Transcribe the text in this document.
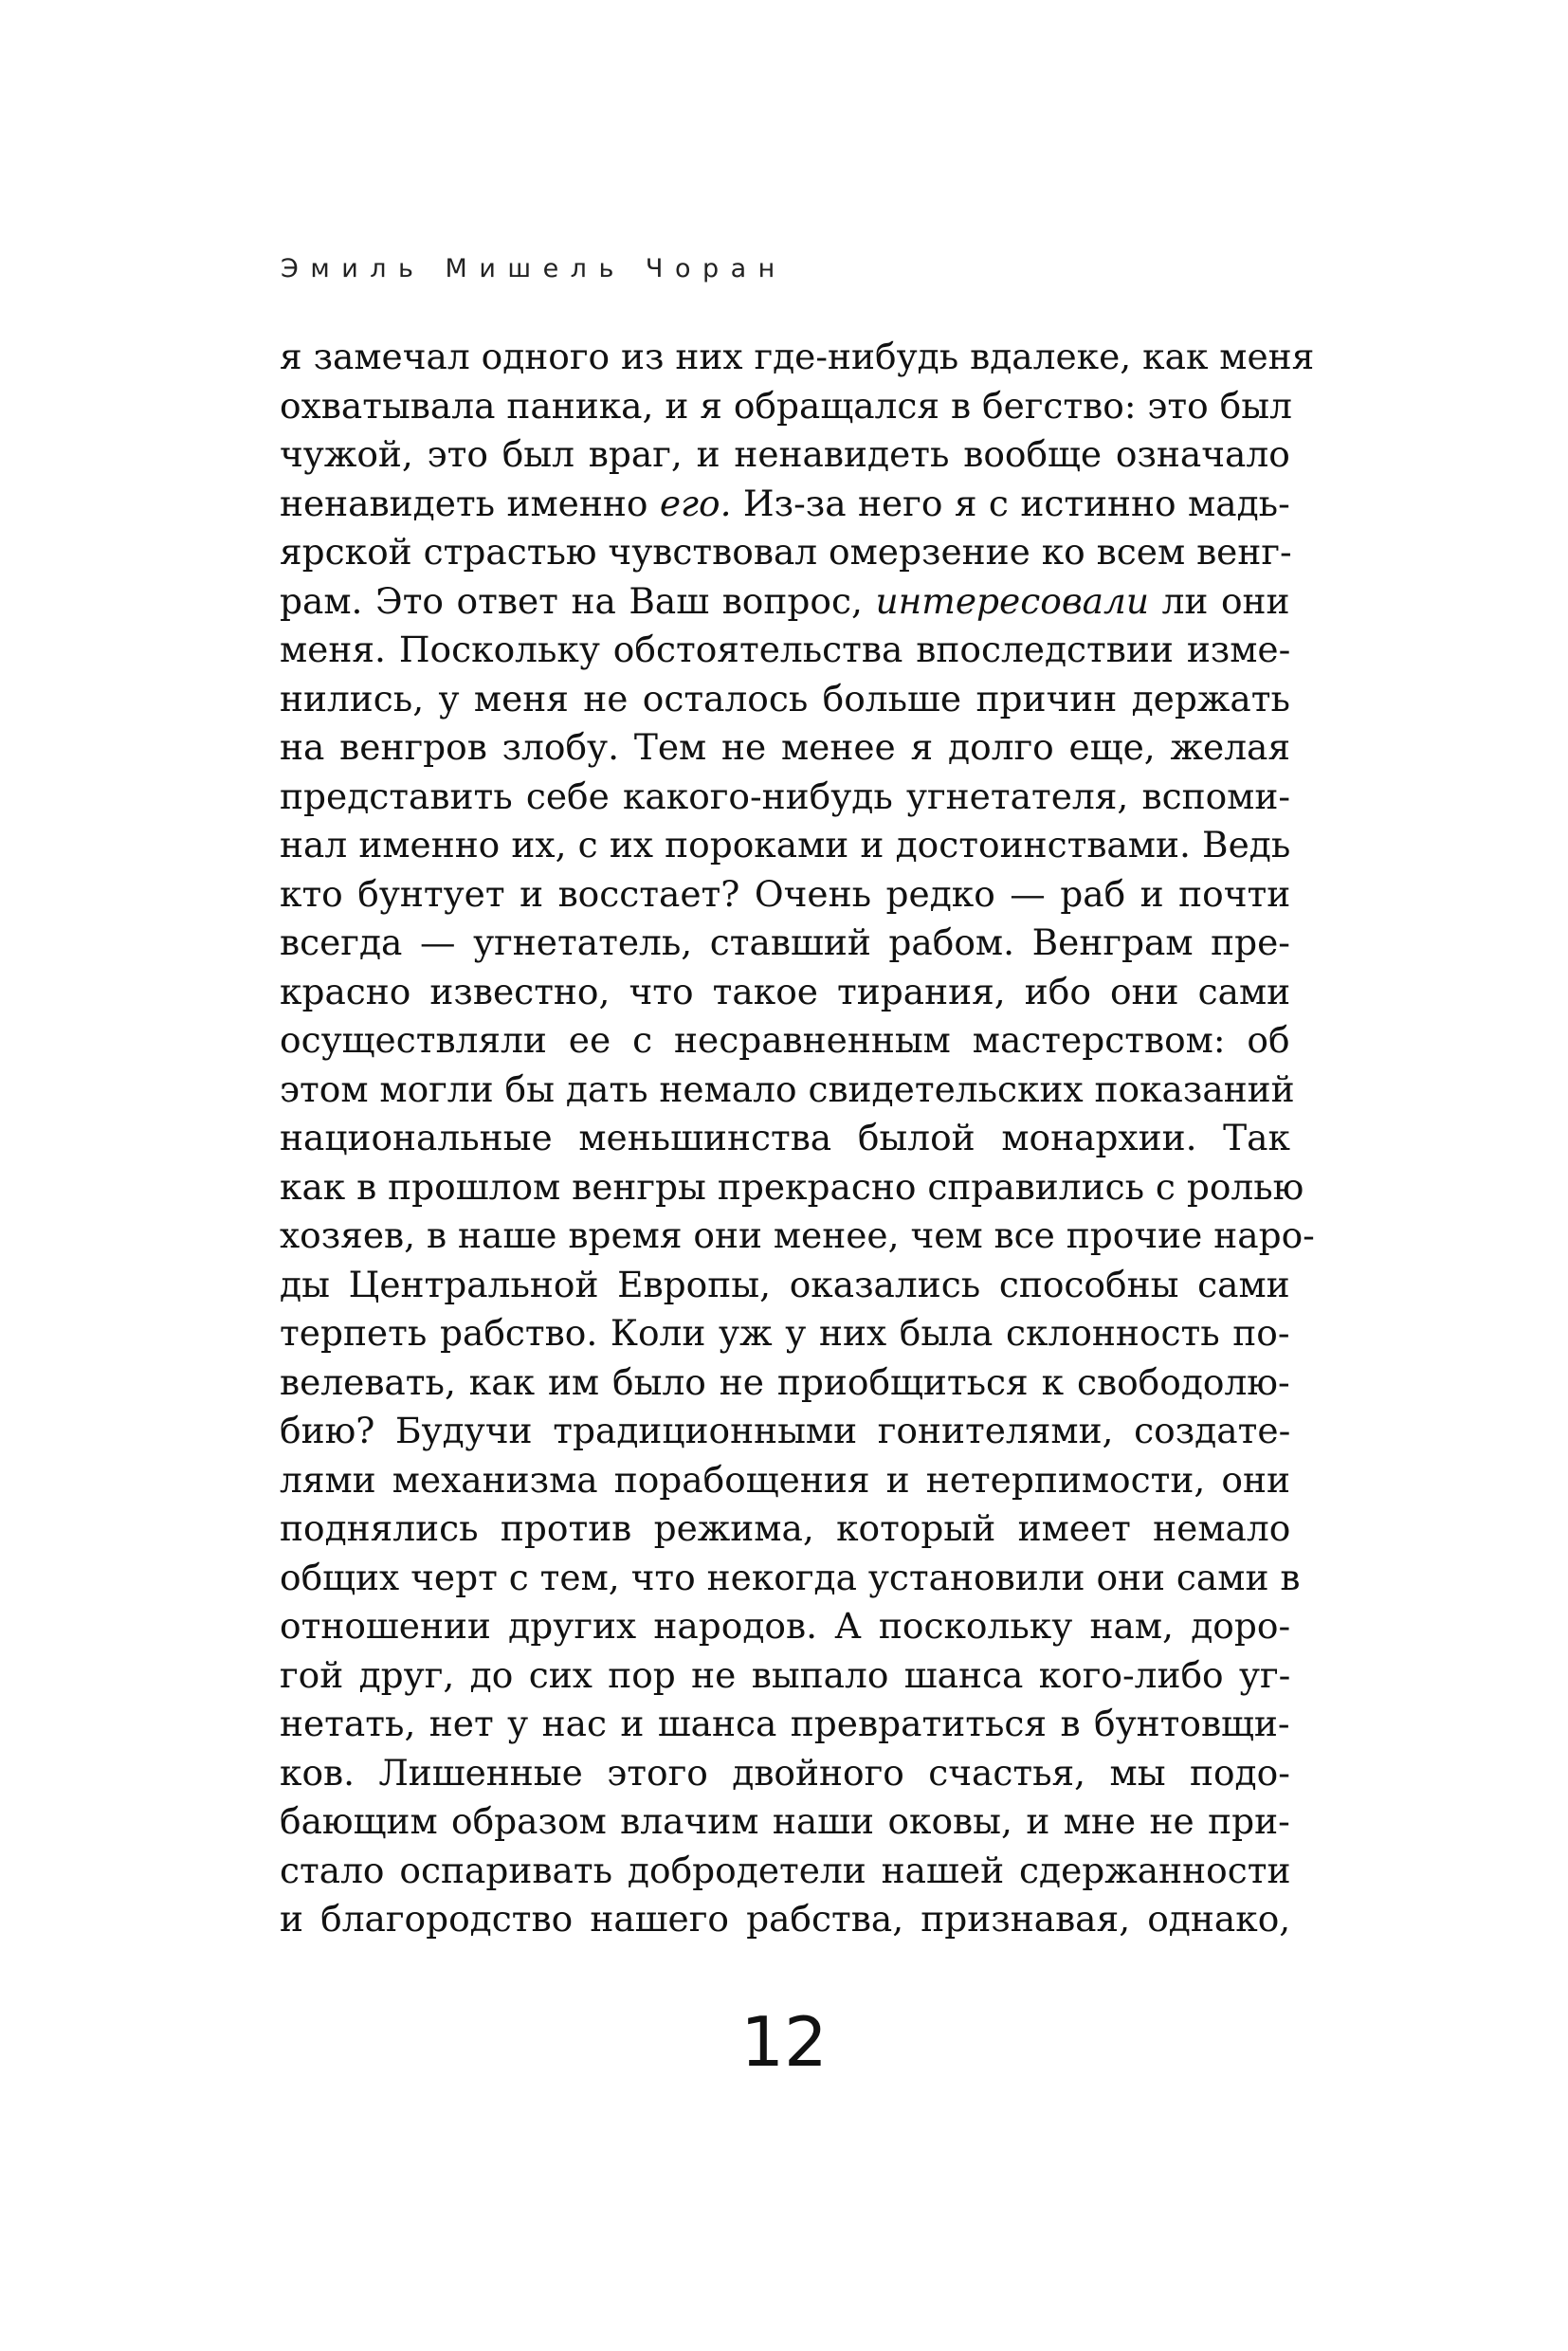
Эмиль Мишель Чоран
я замечал одного из них где-нибудь вдалеке, как меня
охватывала паника, и я обращался в бегство: это был
чужой, это был враг, и ненавидеть вообще означало
ненавидеть именно его. Из-за него я с истинно мадь-
ярской страстью чувствовал омерзение ко всем венг-
рам. Это ответ на Ваш вопрос, интересовали ли они
меня. Поскольку обстоятельства впоследствии изме-
нились, у меня не осталось больше причин держать
на венгров злобу. Тем не менее я долго еще, желая
представить себе какого-нибудь угнетателя, вспоми-
нал именно их, с их пороками и достоинствами. Ведь
кто бунтует и восстает? Очень редко — раб и почти
всегда — угнетатель, ставший рабом. Венграм пре-
красно известно, что такое тирания, ибо они сами
осуществляли ее с несравненным мастерством: об
этом могли бы дать немало свидетельских показаний
национальные меньшинства былой монархии. Так
как в прошлом венгры прекрасно справились с ролью
хозяев, в наше время они менее, чем все прочие наро-
ды Центральной Европы, оказались способны сами
терпеть рабство. Коли уж у них была склонность по-
велевать, как им было не приобщиться к свободолю-
бию? Будучи традиционными гонителями, создате-
лями механизма порабощения и нетерпимости, они
поднялись против режима, который имеет немало
общих черт с тем, что некогда установили они сами в
отношении других народов. А поскольку нам, доро-
гой друг, до сих пор не выпало шанса кого-либо уг-
нетать, нет у нас и шанса превратиться в бунтовщи-
ков. Лишенные этого двойного счастья, мы подо-
бающим образом влачим наши оковы, и мне не при-
стало оспаривать добродетели нашей сдержанности
и благородство нашего рабства, признавая, однако,
12
